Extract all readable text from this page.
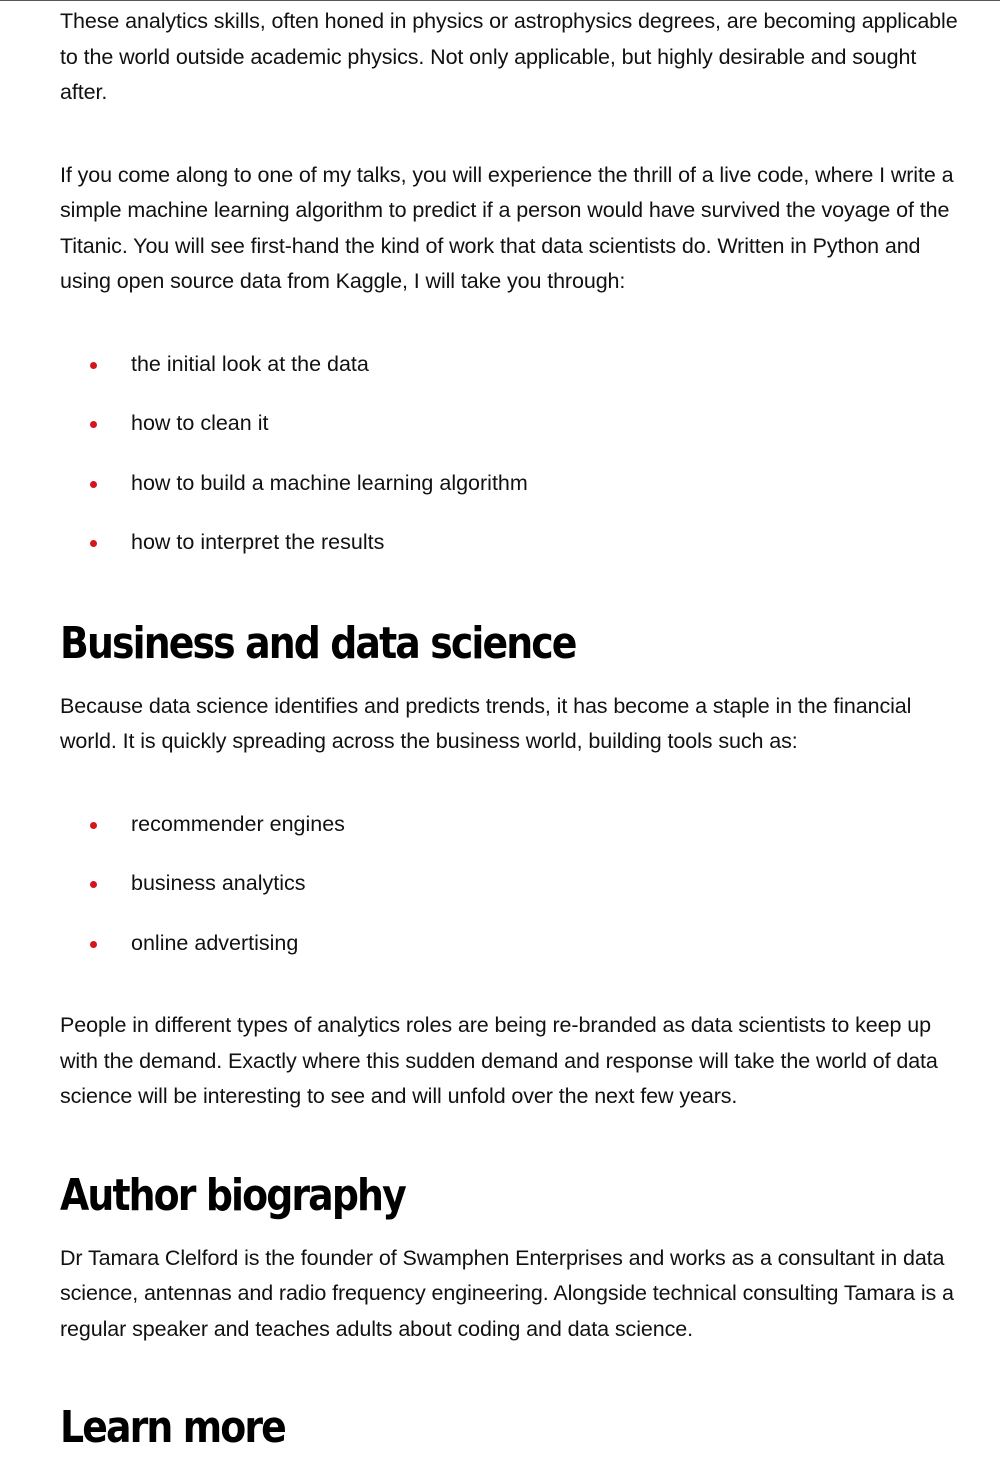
These analytics skills, often honed in physics or astrophysics degrees, are becoming applicable to the world outside academic physics. Not only applicable, but highly desirable and sought after.

If you come along to one of my talks, you will experience the thrill of a live code, where I write a simple machine learning algorithm to predict if a person would have survived the voyage of the Titanic. You will see first-hand the kind of work that data scientists do. Written in Python and using open source data from Kaggle, I will take you through:

the initial look at the data
how to clean it
how to build a machine learning algorithm
how to interpret the results
Business and data science

Because data science identifies and predicts trends, it has become a staple in the financial world. It is quickly spreading across the business world, building tools such as:

recommender engines
business analytics
online advertising

People in different types of analytics roles are being re-branded as data scientists to keep up with the demand. Exactly where this sudden demand and response will take the world of data science will be interesting to see and will unfold over the next few years.

Author biography

Dr Tamara Clelford is the founder of Swamphen Enterprises and works as a consultant in data science, antennas and radio frequency engineering. Alongside technical consulting Tamara is a regular speaker and teaches adults about coding and data science.

Learn more
